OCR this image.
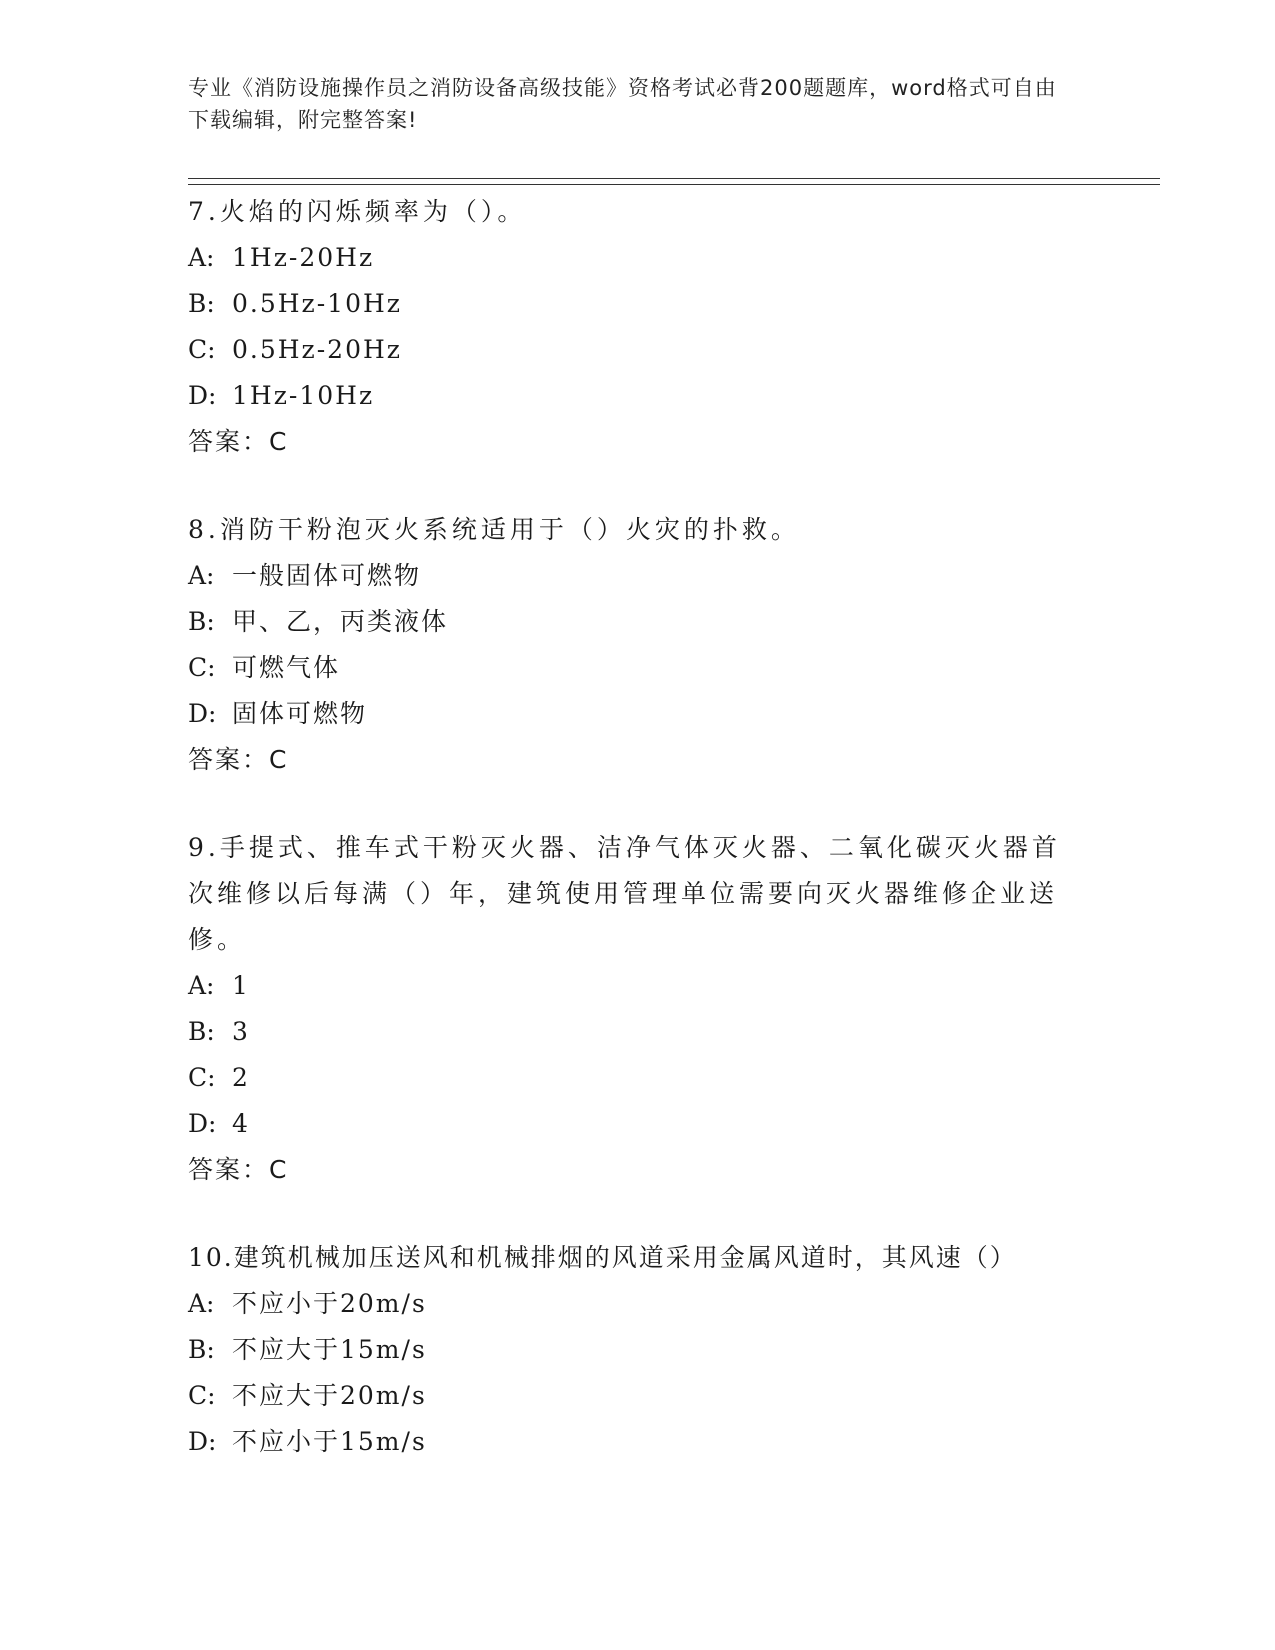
专业《消防设施操作员之消防设备高级技能》资格考试必背200题题库，word格式可自由下载编辑，附完整答案!

7.火焰的闪烁频率为（）。

A: 1Hz-20Hz

B: 0.5Hz-10Hz

C: 0.5Hz-20Hz

D: 1Hz-10Hz

答案：C

8.消防干粉泡灭火系统适用于（）火灾的扑救。

A: 一般固体可燃物

B: 甲、乙，丙类液体

C: 可燃气体

D: 固体可燃物

答案：C

9.手提式、推车式干粉灭火器、洁净气体灭火器、二氧化碳灭火器首次维修以后每满（）年，建筑使用管理单位需要向灭火器维修企业送修。

A: 1

B: 3

C: 2

D: 4

答案：C

10.建筑机械加压送风和机械排烟的风道采用金属风道时，其风速（）

A: 不应小于20m/s

B: 不应大于15m/s

C: 不应大于20m/s

D: 不应小于15m/s
